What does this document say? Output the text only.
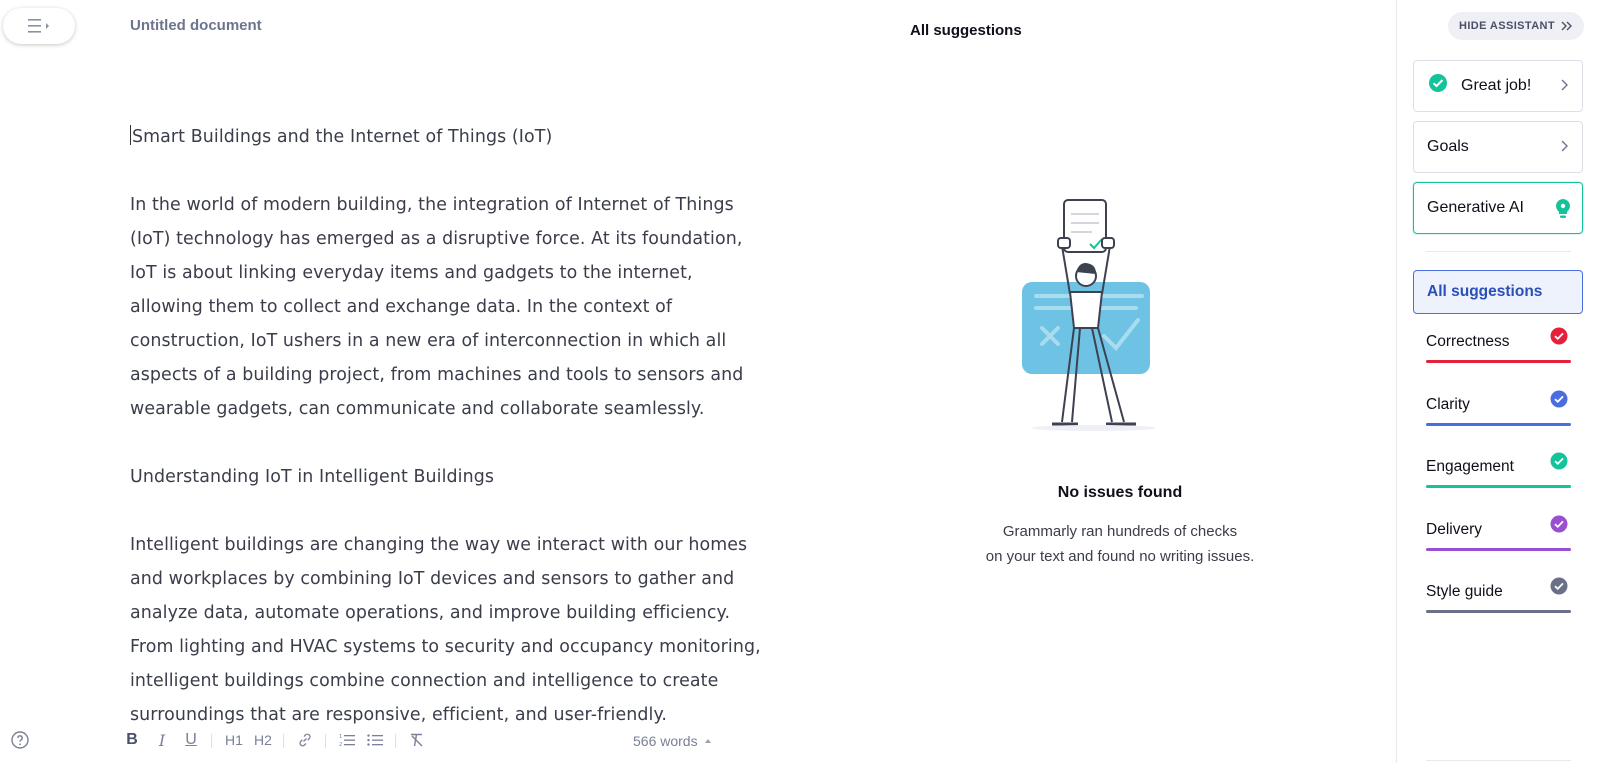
Untitled document

Smart Buildings and the Internet of Things (IoT)

In the world of modern building, the integration of Internet of Things (IoT) technology has emerged as a disruptive force. At its foundation, IoT is about linking everyday items and gadgets to the internet, allowing them to collect and exchange data. In the context of construction, IoT ushers in a new era of interconnection in which all aspects of a building project, from machines and tools to sensors and wearable gadgets, can communicate and collaborate seamlessly.

Understanding IoT in Intelligent Buildings

Intelligent buildings are changing the way we interact with our homes and workplaces by combining IoT devices and sensors to gather and analyze data, automate operations, and improve building efficiency. From lighting and HVAC systems to security and occupancy monitoring, intelligent buildings combine connection and intelligence to create surroundings that are responsive, efficient, and user-friendly.

B	I	U	H1 H2	1
2	566 words
All suggestions
No issues found
Grammarly ran hundreds of checks
on your text and found no writing issues.
HIDE ASSISTANT
Great job!
Goals
Generative AI
All suggestions
Correctness
Clarity
Engagement
Delivery
Style guide
